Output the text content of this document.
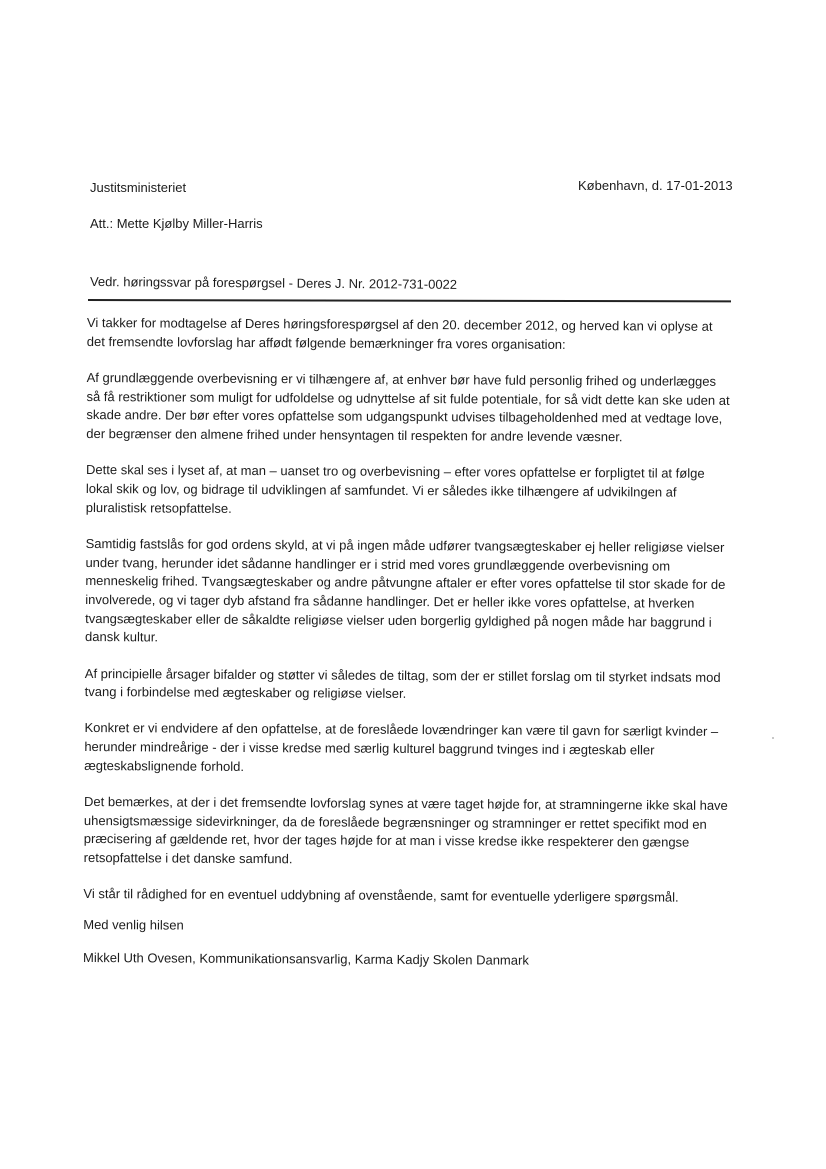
Justitsministeriet
Att.: Mette Kjølby Miller-Harris
København, d. 17-01-2013
Vedr. høringssvar på forespørgsel - Deres J. Nr. 2012-731-0022

Vi takker for modtagelse af Deres høringsforespørgsel af den 20. december 2012, og herved kan vi oplyse at det fremsendte lovforslag har affødt følgende bemærkninger fra vores organisation:

Af grundlæggende overbevisning er vi tilhængere af, at enhver bør have fuld personlig frihed og underlægges så få restriktioner som muligt for udfoldelse og udnyttelse af sit fulde potentiale, for så vidt dette kan ske uden at skade andre. Der bør efter vores opfattelse som udgangspunkt udvises tilbageholdenhed med at vedtage love, der begrænser den almene frihed under hensyntagen til respekten for andre levende væsner.

Dette skal ses i lyset af, at man – uanset tro og overbevisning – efter vores opfattelse er forpligtet til at følge lokal skik og lov, og bidrage til udviklingen af samfundet. Vi er således ikke tilhængere af udvikilngen af pluralistisk retsopfattelse.

Samtidig fastslås for god ordens skyld, at vi på ingen måde udfører tvangsægteskaber ej heller religiøse vielser under tvang, herunder idet sådanne handlinger er i strid med vores grundlæggende overbevisning om menneskelig frihed. Tvangsægteskaber og andre påtvungne aftaler er efter vores opfattelse til stor skade for de involverede, og vi tager dyb afstand fra sådanne handlinger. Det er heller ikke vores opfattelse, at hverken tvangsægteskaber eller de såkaldte religiøse vielser uden borgerlig gyldighed på nogen måde har baggrund i dansk kultur.

Af principielle årsager bifalder og støtter vi således de tiltag, som der er stillet forslag om til styrket indsats mod tvang i forbindelse med ægteskaber og religiøse vielser.

Konkret er vi endvidere af den opfattelse, at de foreslåede lovændringer kan være til gavn for særligt kvinder – herunder mindreårige - der i visse kredse med særlig kulturel baggrund tvinges ind i ægteskab eller ægteskabslignende forhold.

Det bemærkes, at der i det fremsendte lovforslag synes at være taget højde for, at stramningerne ikke skal have uhensigtsmæssige sidevirkninger, da de foreslåede begrænsninger og stramninger er rettet specifikt mod en præcisering af gældende ret, hvor der tages højde for at man i visse kredse ikke respekterer den gængse retsopfattelse i det danske samfund.

Vi står til rådighed for en eventuel uddybning af ovenstående, samt for eventuelle yderligere spørgsmål.

Med venlig hilsen

Mikkel Uth Ovesen, Kommunikationsansvarlig, Karma Kadjy Skolen Danmark
